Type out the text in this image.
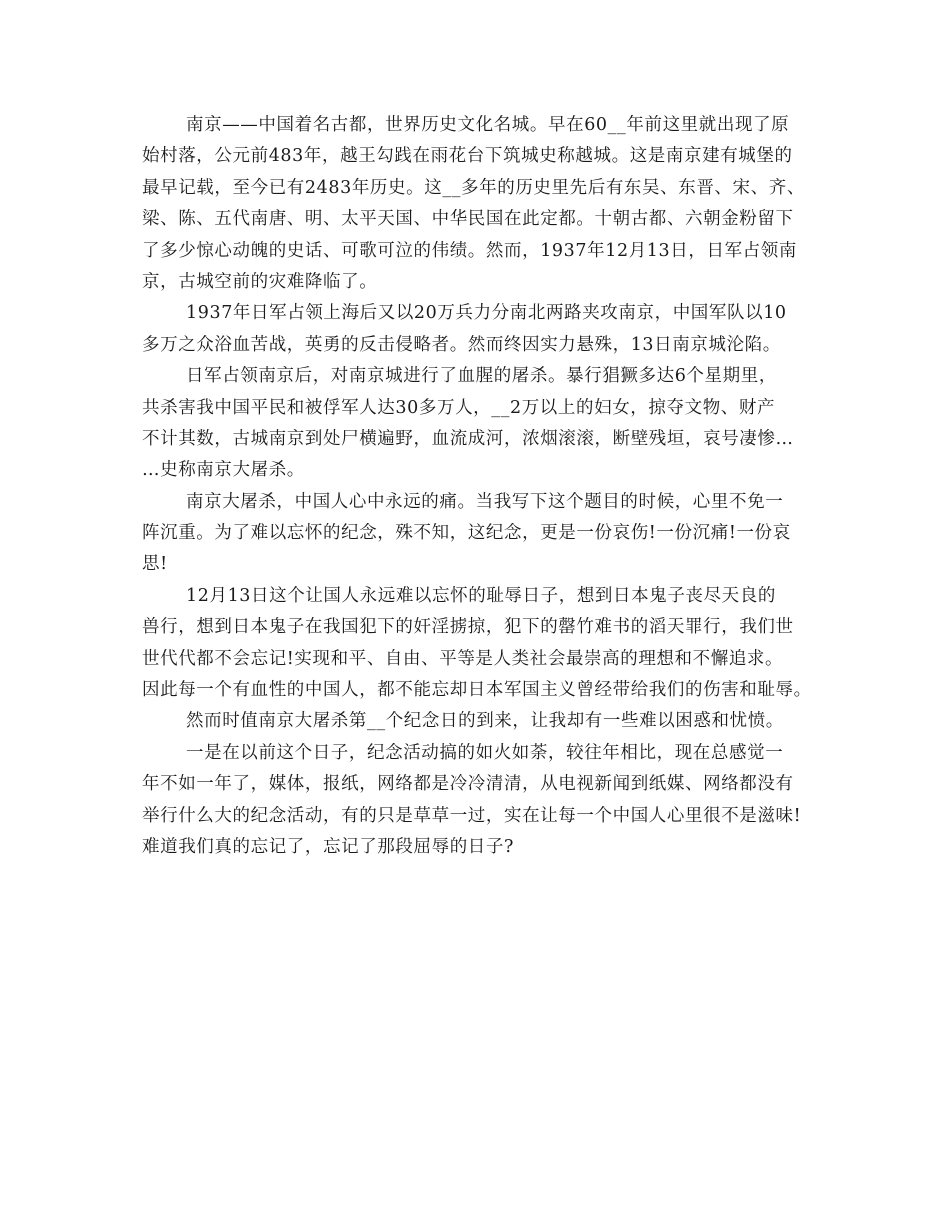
南京——中国着名古都，世界历史文化名城。早在60__年前这里就出现了原
始村落，公元前483年，越王勾践在雨花台下筑城史称越城。这是南京建有城堡的
最早记载，至今已有2483年历史。这__多年的历史里先后有东吴、东晋、宋、齐、
梁、陈、五代南唐、明、太平天国、中华民国在此定都。十朝古都、六朝金粉留下
了多少惊心动魄的史话、可歌可泣的伟绩。然而，1937年12月13日，日军占领南
京，古城空前的灾难降临了。
1937年日军占领上海后又以20万兵力分南北两路夹攻南京，中国军队以10
多万之众浴血苦战，英勇的反击侵略者。然而终因实力悬殊，13日南京城沦陷。
日军占领南京后，对南京城进行了血腥的屠杀。暴行猖獗多达6个星期里，
共杀害我中国平民和被俘军人达30多万人，__2万以上的妇女，掠夺文物、财产
不计其数，古城南京到处尸横遍野，血流成河，浓烟滚滚，断壁残垣，哀号凄惨…
…史称南京大屠杀。
南京大屠杀，中国人心中永远的痛。当我写下这个题目的时候，心里不免一
阵沉重。为了难以忘怀的纪念，殊不知，这纪念，更是一份哀伤!一份沉痛!一份哀
思!
12月13日这个让国人永远难以忘怀的耻辱日子，想到日本鬼子丧尽天良的
兽行，想到日本鬼子在我国犯下的奸淫掳掠，犯下的罄竹难书的滔天罪行，我们世
世代代都不会忘记!实现和平、自由、平等是人类社会最崇高的理想和不懈追求。
因此每一个有血性的中国人，都不能忘却日本军国主义曾经带给我们的伤害和耻辱。
然而时值南京大屠杀第__个纪念日的到来，让我却有一些难以困惑和忧愤。
一是在以前这个日子，纪念活动搞的如火如荼，较往年相比，现在总感觉一
年不如一年了，媒体，报纸，网络都是冷冷清清，从电视新闻到纸媒、网络都没有
举行什么大的纪念活动，有的只是草草一过，实在让每一个中国人心里很不是滋味!
难道我们真的忘记了，忘记了那段屈辱的日子?
